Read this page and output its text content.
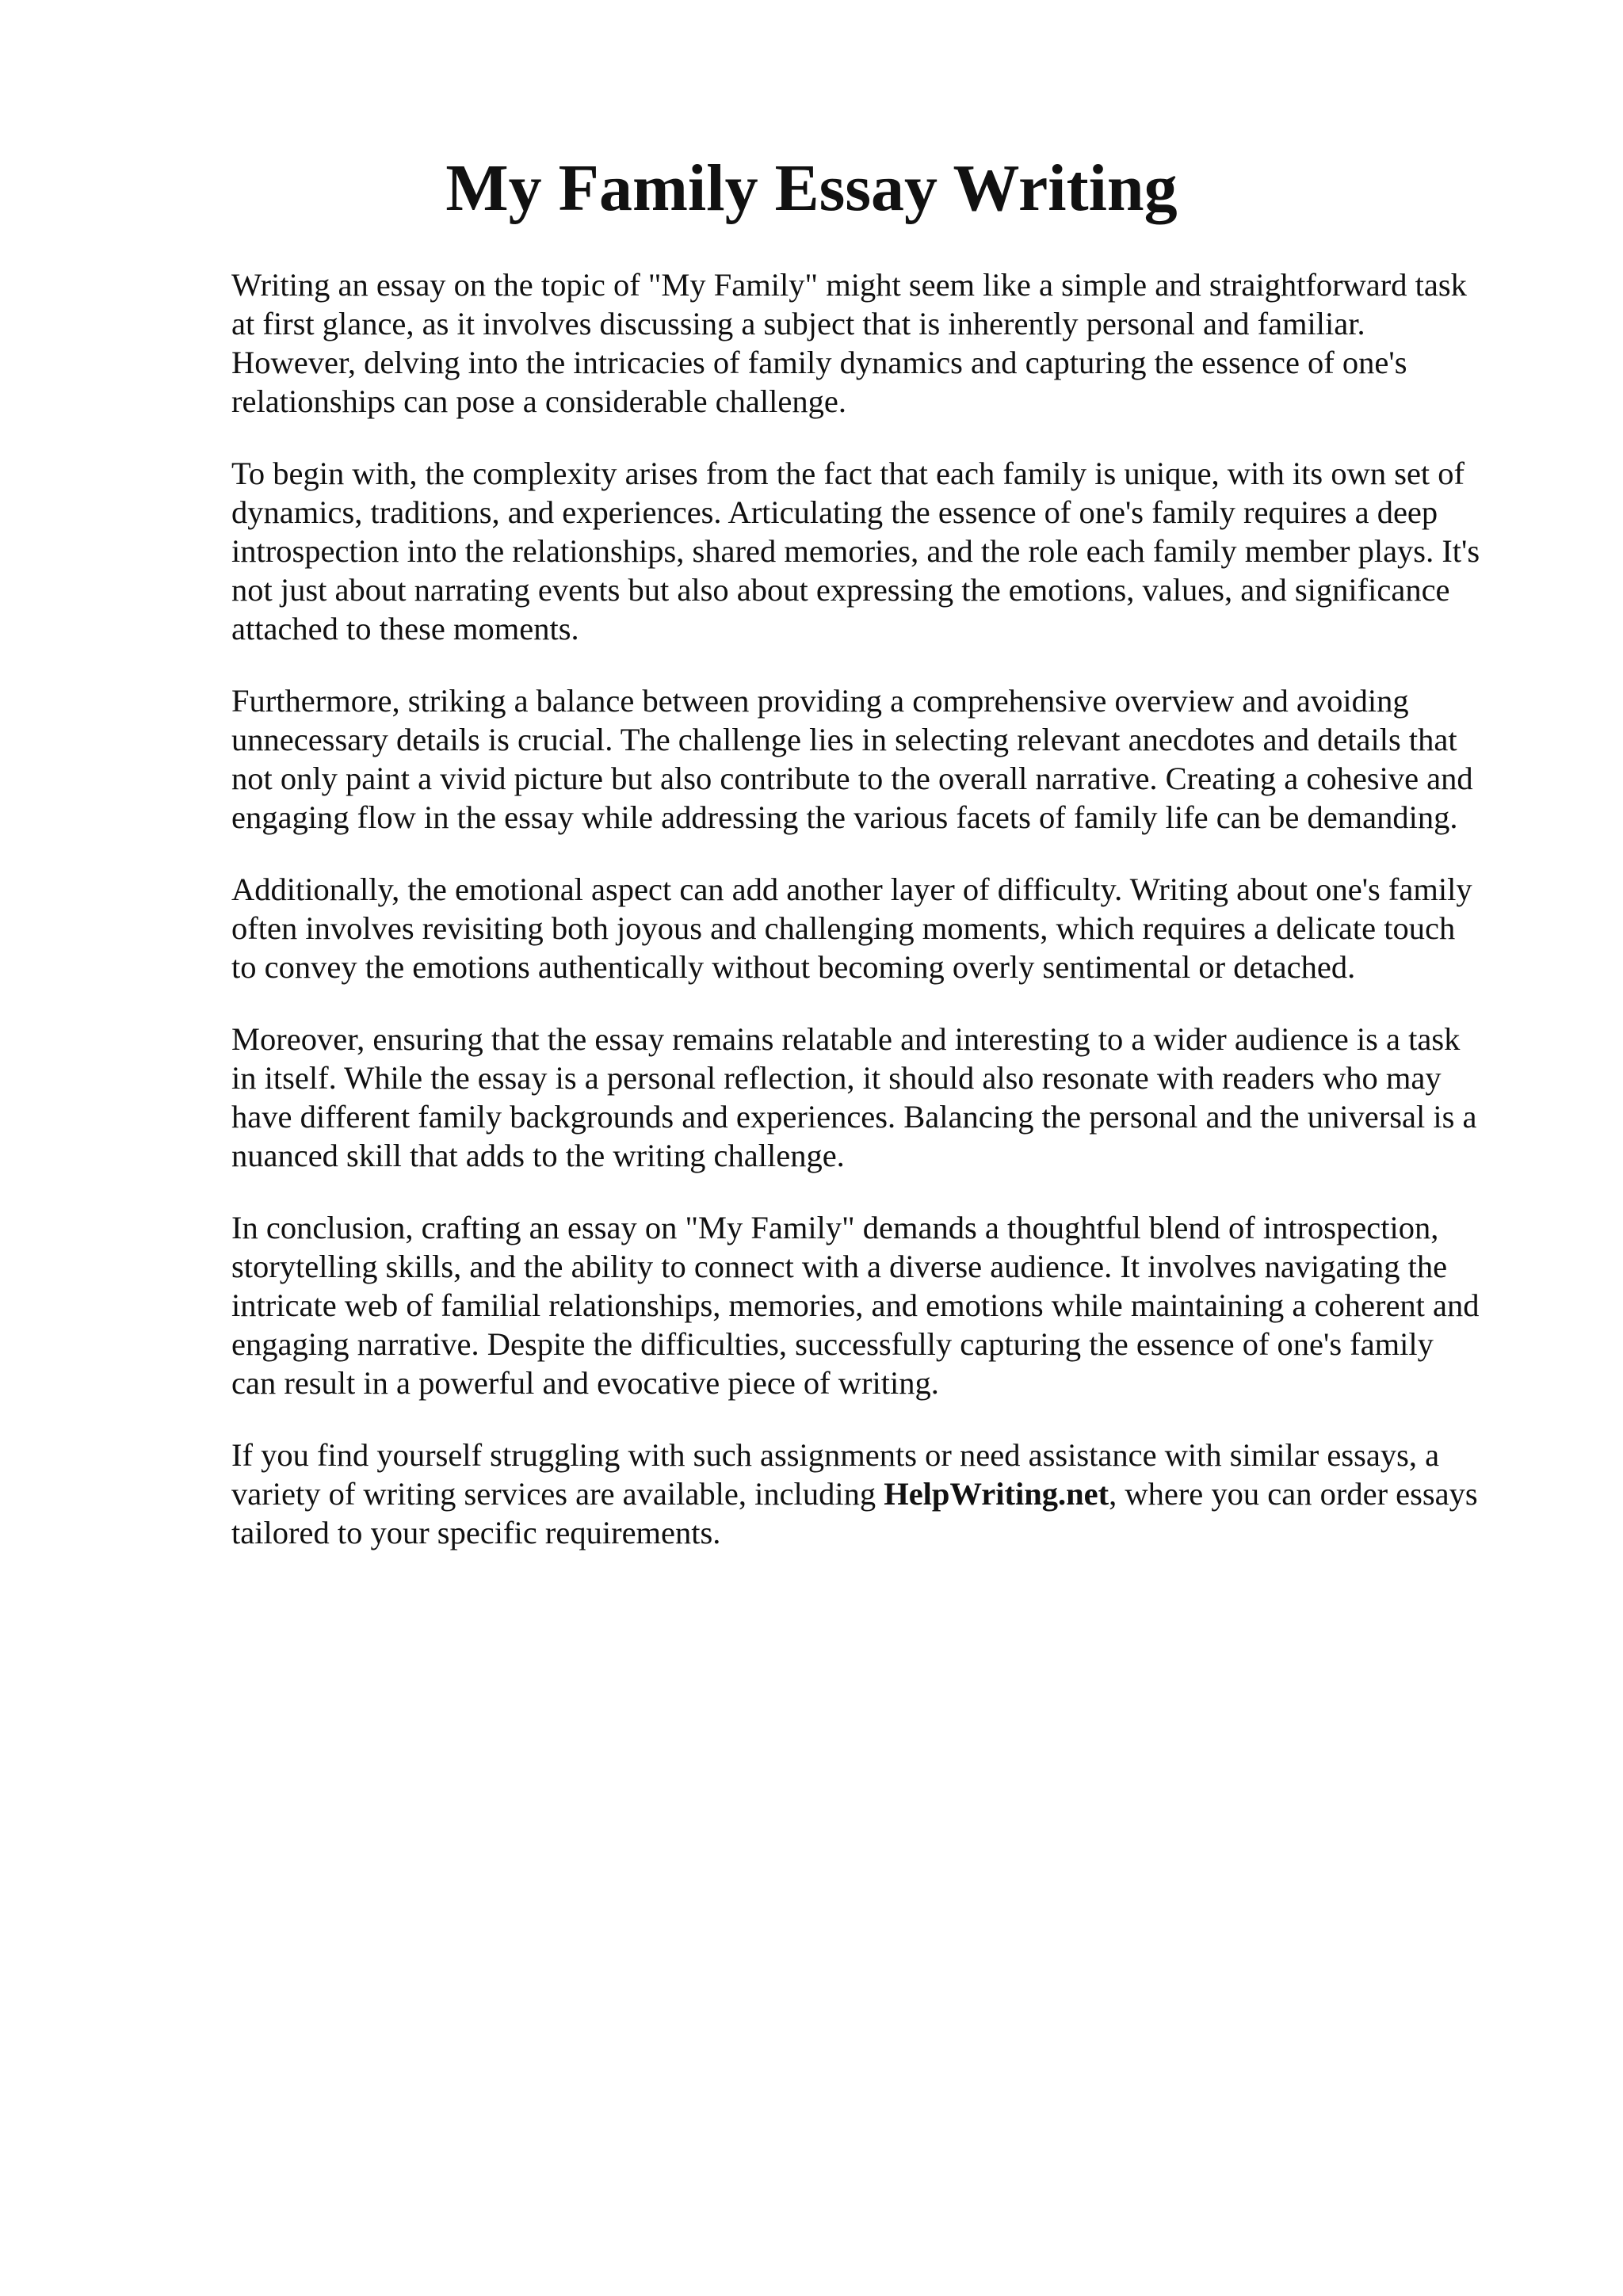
My Family Essay Writing

Writing an essay on the topic of "My Family" might seem like a simple and straightforward task
at first glance, as it involves discussing a subject that is inherently personal and familiar.
However, delving into the intricacies of family dynamics and capturing the essence of one's
relationships can pose a considerable challenge.

To begin with, the complexity arises from the fact that each family is unique, with its own set of
dynamics, traditions, and experiences. Articulating the essence of one's family requires a deep
introspection into the relationships, shared memories, and the role each family member plays. It's
not just about narrating events but also about expressing the emotions, values, and significance
attached to these moments.

Furthermore, striking a balance between providing a comprehensive overview and avoiding
unnecessary details is crucial. The challenge lies in selecting relevant anecdotes and details that
not only paint a vivid picture but also contribute to the overall narrative. Creating a cohesive and
engaging flow in the essay while addressing the various facets of family life can be demanding.

Additionally, the emotional aspect can add another layer of difficulty. Writing about one's family
often involves revisiting both joyous and challenging moments, which requires a delicate touch
to convey the emotions authentically without becoming overly sentimental or detached.

Moreover, ensuring that the essay remains relatable and interesting to a wider audience is a task
in itself. While the essay is a personal reflection, it should also resonate with readers who may
have different family backgrounds and experiences. Balancing the personal and the universal is a
nuanced skill that adds to the writing challenge.

In conclusion, crafting an essay on "My Family" demands a thoughtful blend of introspection,
storytelling skills, and the ability to connect with a diverse audience. It involves navigating the
intricate web of familial relationships, memories, and emotions while maintaining a coherent and
engaging narrative. Despite the difficulties, successfully capturing the essence of one's family
can result in a powerful and evocative piece of writing.

If you find yourself struggling with such assignments or need assistance with similar essays, a
variety of writing services are available, including HelpWriting.net, where you can order essays
tailored to your specific requirements.
